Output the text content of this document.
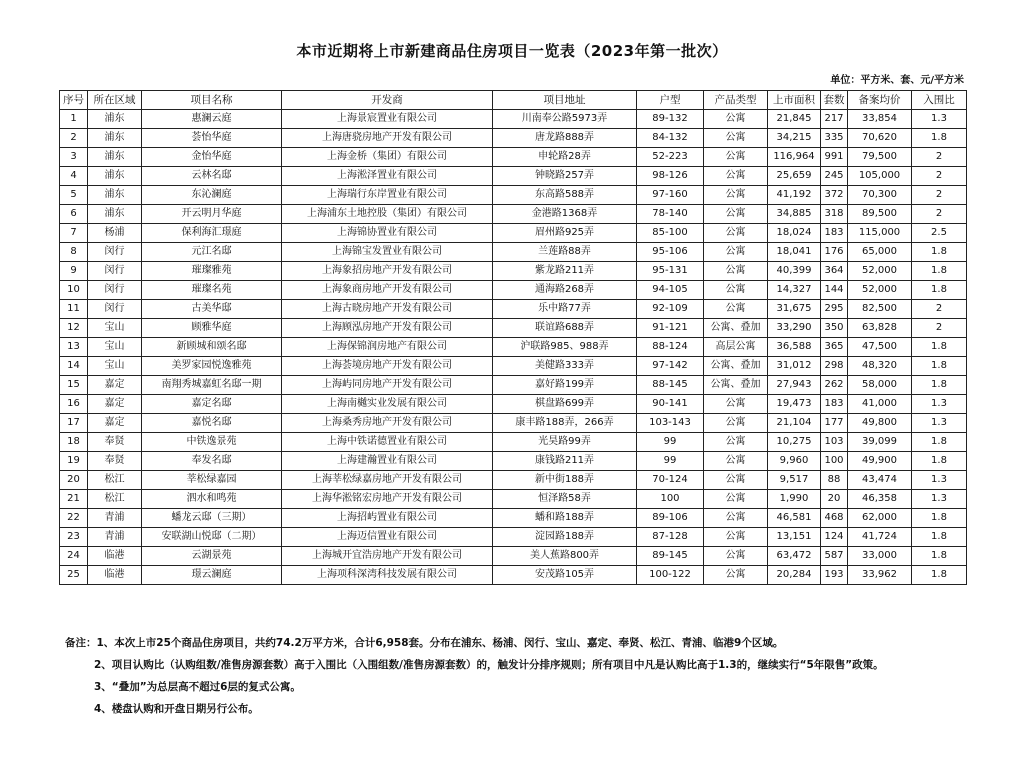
本市近期将上市新建商品住房项目一览表（2023年第一批次）
单位：平方米、套、元/平方米
序号	所在区域	项目名称	开发商	项目地址	户型	产品类型	上市面积	套数	备案均价	入围比
1	浦东	惠澜云庭	上海景宸置业有限公司	川南奉公路5973弄	89-132	公寓	21,845	217	33,854	1.3
2	浦东	荟怡华庭	上海唐骁房地产开发有限公司	唐龙路888弄	84-132	公寓	34,215	335	70,620	1.8
3	浦东	金怡华庭	上海金桥（集团）有限公司	申轮路28弄	52-223	公寓	116,964	991	79,500	2
4	浦东	云林名邸	上海淞泽置业有限公司	钟晓路257弄	98-126	公寓	25,659	245	105,000	2
5	浦东	东沁澜庭	上海瑞行东岸置业有限公司	东高路588弄	97-160	公寓	41,192	372	70,300	2
6	浦东	开云明月华庭	上海浦东土地控股（集团）有限公司	金港路1368弄	78-140	公寓	34,885	318	89,500	2
7	杨浦	保利海汇璟庭	上海锦协置业有限公司	眉州路925弄	85-100	公寓	18,024	183	115,000	2.5
8	闵行	元江名邸	上海锦宝发置业有限公司	兰莲路88弄	95-106	公寓	18,041	176	65,000	1.8
9	闵行	璀璨雅苑	上海象招房地产开发有限公司	紫龙路211弄	95-131	公寓	40,399	364	52,000	1.8
10	闵行	璀璨名苑	上海象商房地产开发有限公司	通海路268弄	94-105	公寓	14,327	144	52,000	1.8
11	闵行	古美华邸	上海古晓房地产开发有限公司	乐中路77弄	92-109	公寓	31,675	295	82,500	2
12	宝山	顾雅华庭	上海顾泓房地产开发有限公司	联谊路688弄	91-121	公寓、叠加	33,290	350	63,828	2
13	宝山	新顾城和颂名邸	上海保锦润房地产有限公司	沪联路985、988弄	88-124	高层公寓	36,588	365	47,500	1.8
14	宝山	美罗家园悦逸雅苑	上海荟境房地产开发有限公司	美健路333弄	97-142	公寓、叠加	31,012	298	48,320	1.8
15	嘉定	南翔秀城嘉虹名邸一期	上海屿同房地产开发有限公司	嘉好路199弄	88-145	公寓、叠加	27,943	262	58,000	1.8
16	嘉定	嘉定名邸	上海南樾实业发展有限公司	棋盘路699弄	90-141	公寓	19,473	183	41,000	1.3
17	嘉定	嘉悦名邸	上海桑秀房地产开发有限公司	康丰路188弄，266弄	103-143	公寓	21,104	177	49,800	1.3
18	奉贤	中铁逸景苑	上海中铁诺德置业有限公司	光昊路99弄	99	公寓	10,275	103	39,099	1.8
19	奉贤	奉发名邸	上海建瀚置业有限公司	康钱路211弄	99	公寓	9,960	100	49,900	1.8
20	松江	莘松绿嘉园	上海莘松绿嘉房地产开发有限公司	新中街188弄	70-124	公寓	9,517	88	43,474	1.3
21	松江	泗水和鸣苑	上海华淞铭宏房地产开发有限公司	恒泽路58弄	100	公寓	1,990	20	46,358	1.3
22	青浦	蟠龙云邸（三期）	上海招屿置业有限公司	蟠和路188弄	89-106	公寓	46,581	468	62,000	1.8
23	青浦	安联湖山悦邸（二期）	上海迈信置业有限公司	淀园路188弄	87-128	公寓	13,151	124	41,724	1.8
24	临港	云湖景苑	上海城开宜浩房地产开发有限公司	美人蕉路800弄	89-145	公寓	63,472	587	33,000	1.8
25	临港	璟云澜庭	上海项科深湾科技发展有限公司	安茂路105弄	100-122	公寓	20,284	193	33,962	1.8
备注：1、本次上市25个商品住房项目，共约74.2万平方米，合计6,958套。分布在浦东、杨浦、闵行、宝山、嘉定、奉贤、松江、青浦、临港9个区域。
2、项目认购比（认购组数/准售房源套数）高于入围比（入围组数/准售房源套数）的，触发计分排序规则；所有项目中凡是认购比高于1.3的，继续实行“5年限售”政策。
3、“叠加”为总层高不超过6层的复式公寓。
4、楼盘认购和开盘日期另行公布。
